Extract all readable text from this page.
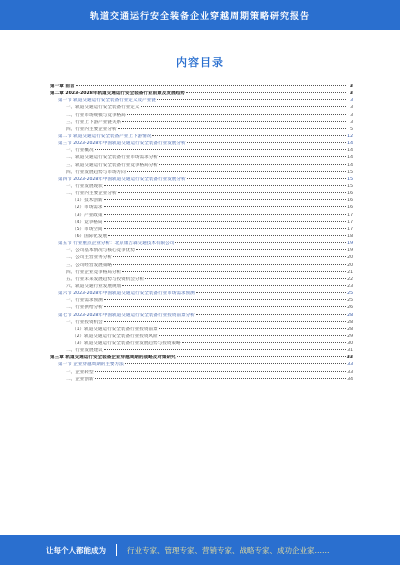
轨道交通运行安全装备企业穿越周期策略研究报告
内容目录
第一章 前言	3
第二章 2023-2028年轨道交通运行安全装备行业前景及发展趋势	3
第一节 轨道交通运行安全装备行业定义及产业链	3
一、轨道交通运行安全装备行业定义	3
二、行业市场规模与竞争格局	3
三、行业上下游产业链关系	3
四、行业内主要企业分析	5
第二节 轨道交通运行安全装备产业上下游情况	12
第三节 2023-2028年中国轨道交通运行安全装备行业发展分析	14
一、行业概况	14
二、轨道交通运行安全装备行业市场需求分析	14
三、轨道交通运行安全装备行业竞争格局分析	14
四、行业发展趋势与市场方向	15
第四节 2023-2028年中国轨道交通运行安全装备行业发展分析	15
一、行业发展现状	15
二、行业内主要企业分析	16
（1）技术创新	16
（2）市场需求	16
（3）产业政策	17
（4）竞争格局	17
（5）市场空间	17
（6）国际化发展	18
第五节 行业重点企业分析：北京康吉森交通技术有限公司	19
一、公司基本情况与核心竞争优势	19
二、公司主营业务分析	20
三、公司经营发展策略	20
四、行业企业竞争格局分析	21
五、行业未来发展趋势与投资机会分析	22
六、轨道交通行业发展规划	23
第六节 2023-2028年中国轨道交通运行安全装备行业市场需求预测	25
一、行业需求预测	25
二、行业供给分析	26
第七节 2023-2028年中国轨道交通运行安全装备行业投资前景分析	28
一、行业投资机会	28
（1）轨道交通运行安全装备行业投资前景	28
（2）轨道交通运行安全装备行业投资风险	29
（3）轨道交通运行安全装备行业发展趋势与投资策略	30
二、行业发展建议	31
第三章 轨道交通运行安全装备企业穿越周期的战略及对策研究	33
第一节 企业穿越周期的主要方法	33
一、企业转型	33
二、企业创新	34
让每个人都能成为	行业专家、管理专家、营销专家、战略专家、成功企业家……
